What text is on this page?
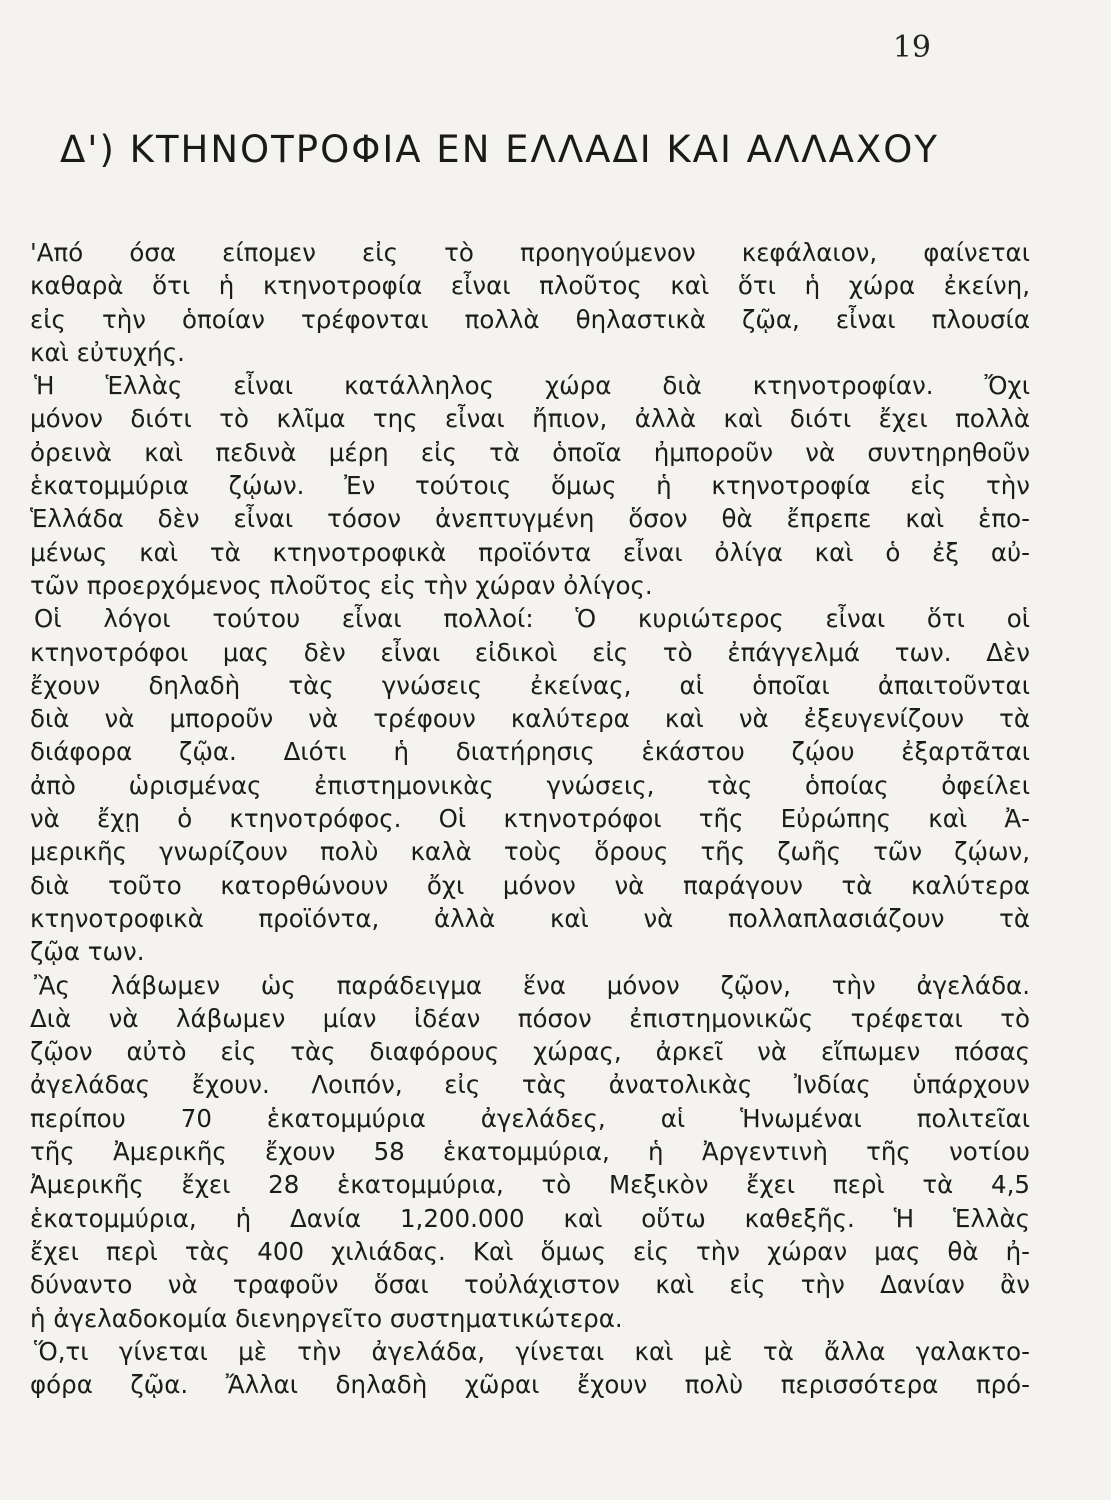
19
Δ') ΚΤΗΝΟΤΡΟΦΙΑ ΕΝ ΕΛΛΑΔΙ ΚΑΙ ΑΛΛΑΧΟΥ
'Από όσα είπομεν εἰς τὸ προηγούμενον κεφάλαιον, φαίνεται
καθαρὰ ὅτι ἡ κτηνοτροφία εἶναι πλοῦτος καὶ ὅτι ἡ χώρα ἐκείνη,
εἰς τὴν ὁποίαν τρέφονται πολλὰ θηλαστικὰ ζῷα, εἶναι πλουσία
καὶ εὐτυχής.
Ἡ Ἑλλὰς εἶναι κατάλληλος χώρα διὰ κτηνοτροφίαν. Ὄχι
μόνον διότι τὸ κλῖμα της εἶναι ἤπιον, ἀλλὰ καὶ διότι ἔχει πολλὰ
ὀρεινὰ καὶ πεδινὰ μέρη εἰς τὰ ὁποῖα ἠμποροῦν νὰ συντηρηθοῦν
ἑκατομμύρια ζῴων. Ἐν τούτοις ὅμως ἡ κτηνοτροφία εἰς τὴν
Ἑλλάδα δὲν εἶναι τόσον ἀνεπτυγμένη ὅσον θὰ ἔπρεπε καὶ ἑπο-
μένως καὶ τὰ κτηνοτροφικὰ προϊόντα εἶναι ὀλίγα καὶ ὁ ἐξ αὐ-
τῶν προερχόμενος πλοῦτος εἰς τὴν χώραν ὀλίγος.
Οἱ λόγοι τούτου εἶναι πολλοί: Ὁ κυριώτερος εἶναι ὅτι οἱ
κτηνοτρόφοι μας δὲν εἶναι εἰδικοὶ εἰς τὸ ἐπάγγελμά των. Δὲν
ἔχουν δηλαδὴ τὰς γνώσεις ἐκείνας, αἱ ὁποῖαι ἀπαιτοῦνται
διὰ νὰ μποροῦν νὰ τρέφουν καλύτερα καὶ νὰ ἐξευγενίζουν τὰ
διάφορα ζῷα. Διότι ἡ διατήρησις ἑκάστου ζῴου ἐξαρτᾶται
ἀπὸ ὡρισμένας ἐπιστημονικὰς γνώσεις, τὰς ὁποίας ὀφείλει
νὰ ἔχῃ ὁ κτηνοτρόφος. Οἱ κτηνοτρόφοι τῆς Εὐρώπης καὶ Ἀ-
μερικῆς γνωρίζουν πολὺ καλὰ τοὺς ὅρους τῆς ζωῆς τῶν ζῴων,
διὰ τοῦτο κατορθώνουν ὄχι μόνον νὰ παράγουν τὰ καλύτερα
κτηνοτροφικὰ προϊόντα, ἀλλὰ καὶ νὰ πολλαπλασιάζουν τὰ
ζῷα των.
Ἂς λάβωμεν ὡς παράδειγμα ἕνα μόνον ζῷον, τὴν ἀγελάδα.
Διὰ νὰ λάβωμεν μίαν ἰδέαν πόσον ἐπιστημονικῶς τρέφεται τὸ
ζῷον αὐτὸ εἰς τὰς διαφόρους χώρας, ἀρκεῖ νὰ εἴπωμεν πόσας
ἀγελάδας ἔχουν. Λοιπόν, εἰς τὰς ἀνατολικὰς Ἰνδίας ὑπάρχουν
περίπου 70 ἑκατομμύρια ἀγελάδες, αἱ Ἡνωμέναι πολιτεῖαι
τῆς Ἀμερικῆς ἔχουν 58 ἑκατομμύρια, ἡ Ἀργεντινὴ τῆς νοτίου
Ἀμερικῆς ἔχει 28 ἑκατομμύρια, τὸ Μεξικὸν ἔχει περὶ τὰ 4,5
ἑκατομμύρια, ἡ Δανία 1,200.000 καὶ οὕτω καθεξῆς. Ἡ Ἑλλὰς
ἔχει περὶ τὰς 400 χιλιάδας. Καὶ ὅμως εἰς τὴν χώραν μας θὰ ἠ-
δύναντο νὰ τραφοῦν ὅσαι τοὐλάχιστον καὶ εἰς τὴν Δανίαν ἂν
ἡ ἀγελαδοκομία διενηργεῖτο συστηματικώτερα.
Ὅ,τι γίνεται μὲ τὴν ἀγελάδα, γίνεται καὶ μὲ τὰ ἄλλα γαλακτο-
φόρα ζῷα. Ἄλλαι δηλαδὴ χῶραι ἔχουν πολὺ περισσότερα πρό-
